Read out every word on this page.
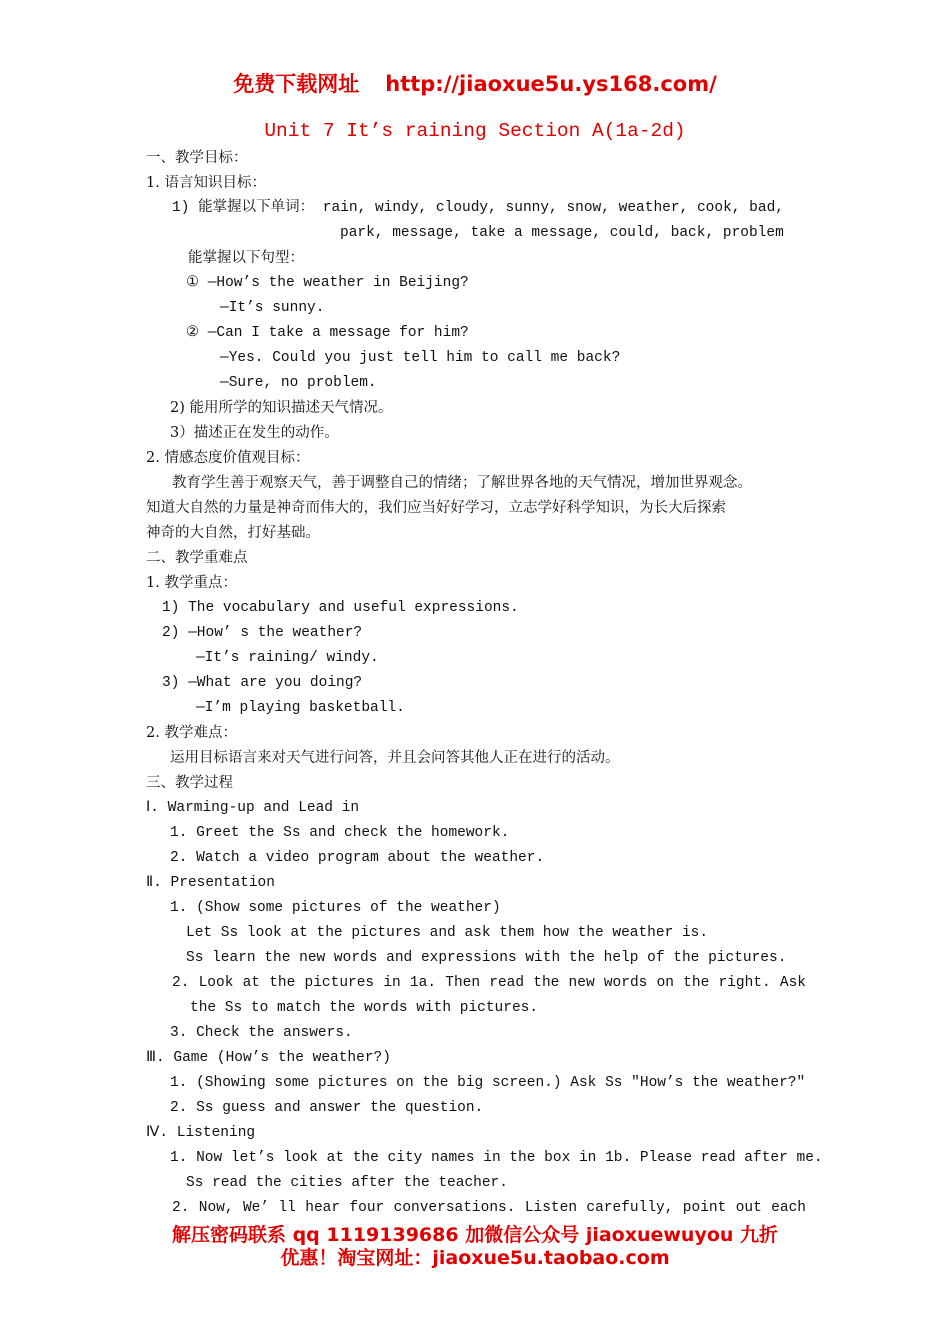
免费下载网址 http://jiaoxue5u.ys168.com/
Unit 7 It’s raining Section A(1a-2d)
一、教学目标：
1. 语言知识目标：
1) 能掌握以下单词： rain, windy, cloudy, sunny, snow, weather, cook, bad,
park, message, take a message, could, back, problem
能掌握以下句型：
① —How’s the weather in Beijing?
—It’s sunny.
② —Can I take a message for him?
—Yes. Could you just tell him to call me back?
—Sure, no problem.
2) 能用所学的知识描述天气情况。
3）描述正在发生的动作。
2. 情感态度价值观目标：
教育学生善于观察天气，善于调整自己的情绪；了解世界各地的天气情况，增加世界观念。
知道大自然的力量是神奇而伟大的，我们应当好好学习，立志学好科学知识，为长大后探索
神奇的大自然，打好基础。
二、教学重难点
1. 教学重点：
1) The vocabulary and useful expressions.
2) —How’ s the weather?
—It’s raining/ windy.
3) —What are you doing?
—I’m playing basketball.
2. 教学难点：
运用目标语言来对天气进行问答，并且会问答其他人正在进行的活动。
三、教学过程
Ⅰ. Warming-up and Lead in
1. Greet the Ss and check the homework.
2. Watch a video program about the weather.
Ⅱ. Presentation
1. (Show some pictures of the weather)
Let Ss look at the pictures and ask them how the weather is.
Ss learn the new words and expressions with the help of the pictures.
2. Look at the pictures in 1a. Then read the new words on the right. Ask
the Ss to match the words with pictures.
3. Check the answers.
Ⅲ. Game (How’s the weather?)
1. (Showing some pictures on the big screen.) Ask Ss "How’s the weather?"
2. Ss guess and answer the question.
Ⅳ. Listening
1. Now let’s look at the city names in the box in 1b. Please read after me.
Ss read the cities after the teacher.
2. Now, We’ ll hear four conversations. Listen carefully, point out each
解压密码联系 qq 1119139686 加微信公众号 jiaoxuewuyou 九折
优惠！淘宝网址：jiaoxue5u.taobao.com
